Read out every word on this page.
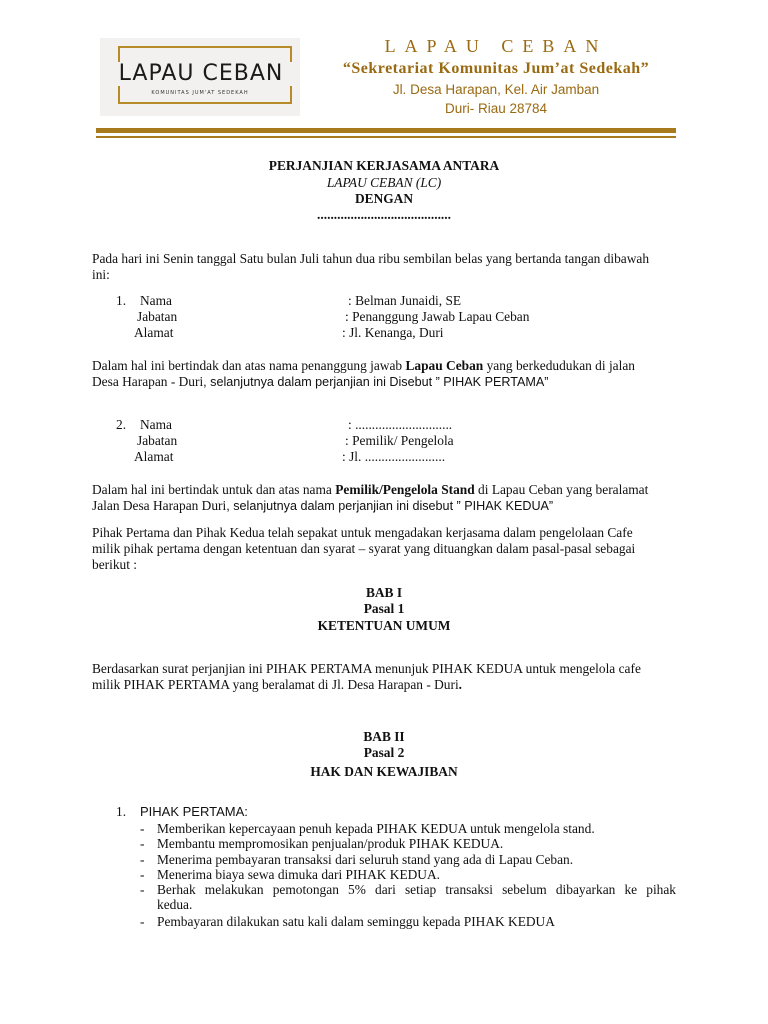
LAPAU CEBAN
KOMUNITAS JUM'AT SEDEKAH
LAPAU CEBAN
“Sekretariat Komunitas Jum’at Sedekah”
Jl. Desa Harapan, Kel. Air Jamban
Duri- Riau 28784
PERJANJIAN KERJASAMA ANTARA
LAPAU CEBAN (LC)
DENGAN
........................................
Pada hari ini Senin tanggal Satu bulan Juli tahun dua ribu sembilan belas yang bertanda tangan dibawah
ini:
1. Nama	: Belman Junaidi, SE
Jabatan	: Penanggung Jawab Lapau Ceban
Alamat	: Jl. Kenanga, Duri
Dalam hal ini bertindak dan atas nama penanggung jawab Lapau Ceban yang berkedudukan di jalan
Desa Harapan - Duri, selanjutnya dalam perjanjian ini Disebut ” PIHAK PERTAMA”
2. Nama	: .............................
Jabatan	: Pemilik/ Pengelola
Alamat	: Jl. ........................
Dalam hal ini bertindak untuk dan atas nama Pemilik/Pengelola Stand di Lapau Ceban yang beralamat
Jalan Desa Harapan Duri, selanjutnya dalam perjanjian ini disebut ” PIHAK KEDUA”
Pihak Pertama dan Pihak Kedua telah sepakat untuk mengadakan kerjasama dalam pengelolaan Cafe
milik pihak pertama dengan ketentuan dan syarat – syarat yang dituangkan dalam pasal-pasal sebagai
berikut :
BAB I
Pasal 1
KETENTUAN UMUM
Berdasarkan surat perjanjian ini PIHAK PERTAMA menunjuk PIHAK KEDUA untuk mengelola cafe
milik PIHAK PERTAMA yang beralamat di Jl. Desa Harapan - Duri.
BAB II
Pasal 2
HAK DAN KEWAJIBAN
1. PIHAK PERTAMA:
- Memberikan kepercayaan penuh kepada PIHAK KEDUA untuk mengelola stand.
- Membantu mempromosikan penjualan/produk PIHAK KEDUA.
- Menerima pembayaran transaksi dari seluruh stand yang ada di Lapau Ceban.
- Menerima biaya sewa dimuka dari PIHAK KEDUA.
- Berhak melakukan pemotongan 5% dari setiap transaksi sebelum dibayarkan ke pihak
kedua.
- Pembayaran dilakukan satu kali dalam seminggu kepada PIHAK KEDUA
